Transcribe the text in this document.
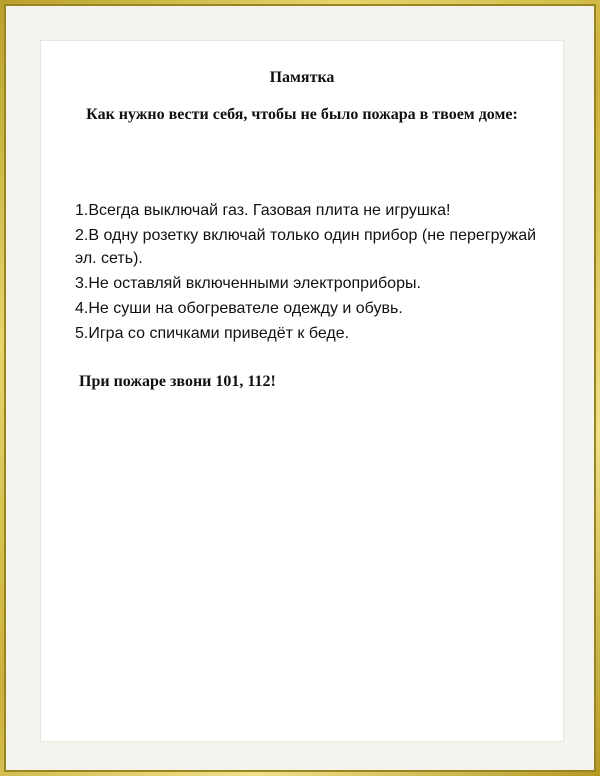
Памятка
Как нужно вести себя, чтобы не было пожара в твоем доме:
1.Всегда выключай газ. Газовая плита не игрушка!
2.В одну розетку включай только один прибор (не перегружай эл. сеть).
3.Не оставляй включенными электроприборы.
4.Не суши на обогревателе одежду и обувь.
5.Игра со спичками приведёт к беде.
При пожаре звони 101, 112!
